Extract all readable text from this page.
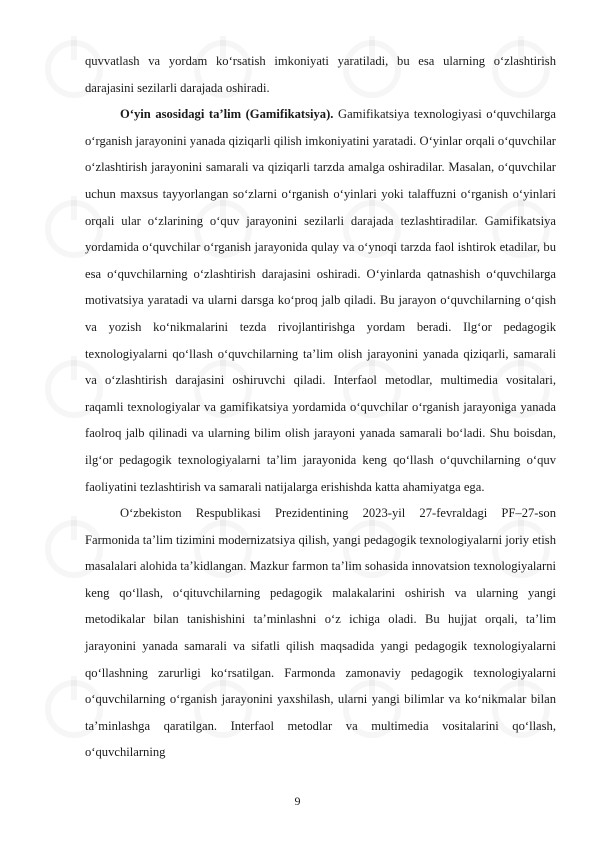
quvvatlash va yordam ko‘rsatish imkoniyati yaratiladi, bu esa ularning o‘zlashtirish darajasini sezilarli darajada oshiradi.

O‘yin asosidagi ta’lim (Gamifikatsiya). Gamifikatsiya texnologiyasi o‘quvchilarga o‘rganish jarayonini yanada qiziqarli qilish imkoniyatini yaratadi. O‘yinlar orqali o‘quvchilar o‘zlashtirish jarayonini samarali va qiziqarli tarzda amalga oshiradilar. Masalan, o‘quvchilar uchun maxsus tayyorlangan so‘zlarni o‘rganish o‘yinlari yoki talaffuzni o‘rganish o‘yinlari orqali ular o‘zlarining o‘quv jarayonini sezilarli darajada tezlashtiradilar. Gamifikatsiya yordamida o‘quvchilar o‘rganish jarayonida qulay va o‘ynoqi tarzda faol ishtirok etadilar, bu esa o‘quvchilarning o‘zlashtirish darajasini oshiradi. O‘yinlarda qatnashish o‘quvchilarga motivatsiya yaratadi va ularni darsga ko‘proq jalb qiladi. Bu jarayon o‘quvchilarning o‘qish va yozish ko‘nikmalarini tezda rivojlantirishga yordam beradi. Ilg‘or pedagogik texnologiyalarni qo‘llash o‘quvchilarning ta’lim olish jarayonini yanada qiziqarli, samarali va o‘zlashtirish darajasini oshiruvchi qiladi. Interfaol metodlar, multimedia vositalari, raqamli texnologiyalar va gamifikatsiya yordamida o‘quvchilar o‘rganish jarayoniga yanada faolroq jalb qilinadi va ularning bilim olish jarayoni yanada samarali bo‘ladi. Shu boisdan, ilg‘or pedagogik texnologiyalarni ta’lim jarayonida keng qo‘llash o‘quvchilarning o‘quv faoliyatini tezlashtirish va samarali natijalarga erishishda katta ahamiyatga ega.

O‘zbekiston Respublikasi Prezidentining 2023-yil 27-fevraldagi PF–27-son Farmonida ta’lim tizimini modernizatsiya qilish, yangi pedagogik texnologiyalarni joriy etish masalalari alohida ta’kidlangan. Mazkur farmon ta’lim sohasida innovatsion texnologiyalarni keng qo‘llash, o‘qituvchilarning pedagogik malakalarini oshirish va ularning yangi metodikalar bilan tanishishini ta’minlashni o‘z ichiga oladi. Bu hujjat orqali, ta’lim jarayonini yanada samarali va sifatli qilish maqsadida yangi pedagogik texnologiyalarni qo‘llashning zarurligi ko‘rsatilgan. Farmonda zamonaviy pedagogik texnologiyalarni o‘quvchilarning o‘rganish jarayonini yaxshilash, ularni yangi bilimlar va ko‘nikmalar bilan ta’minlashga qaratilgan. Interfaol metodlar va multimedia vositalarini qo‘llash, o‘quvchilarning

9
